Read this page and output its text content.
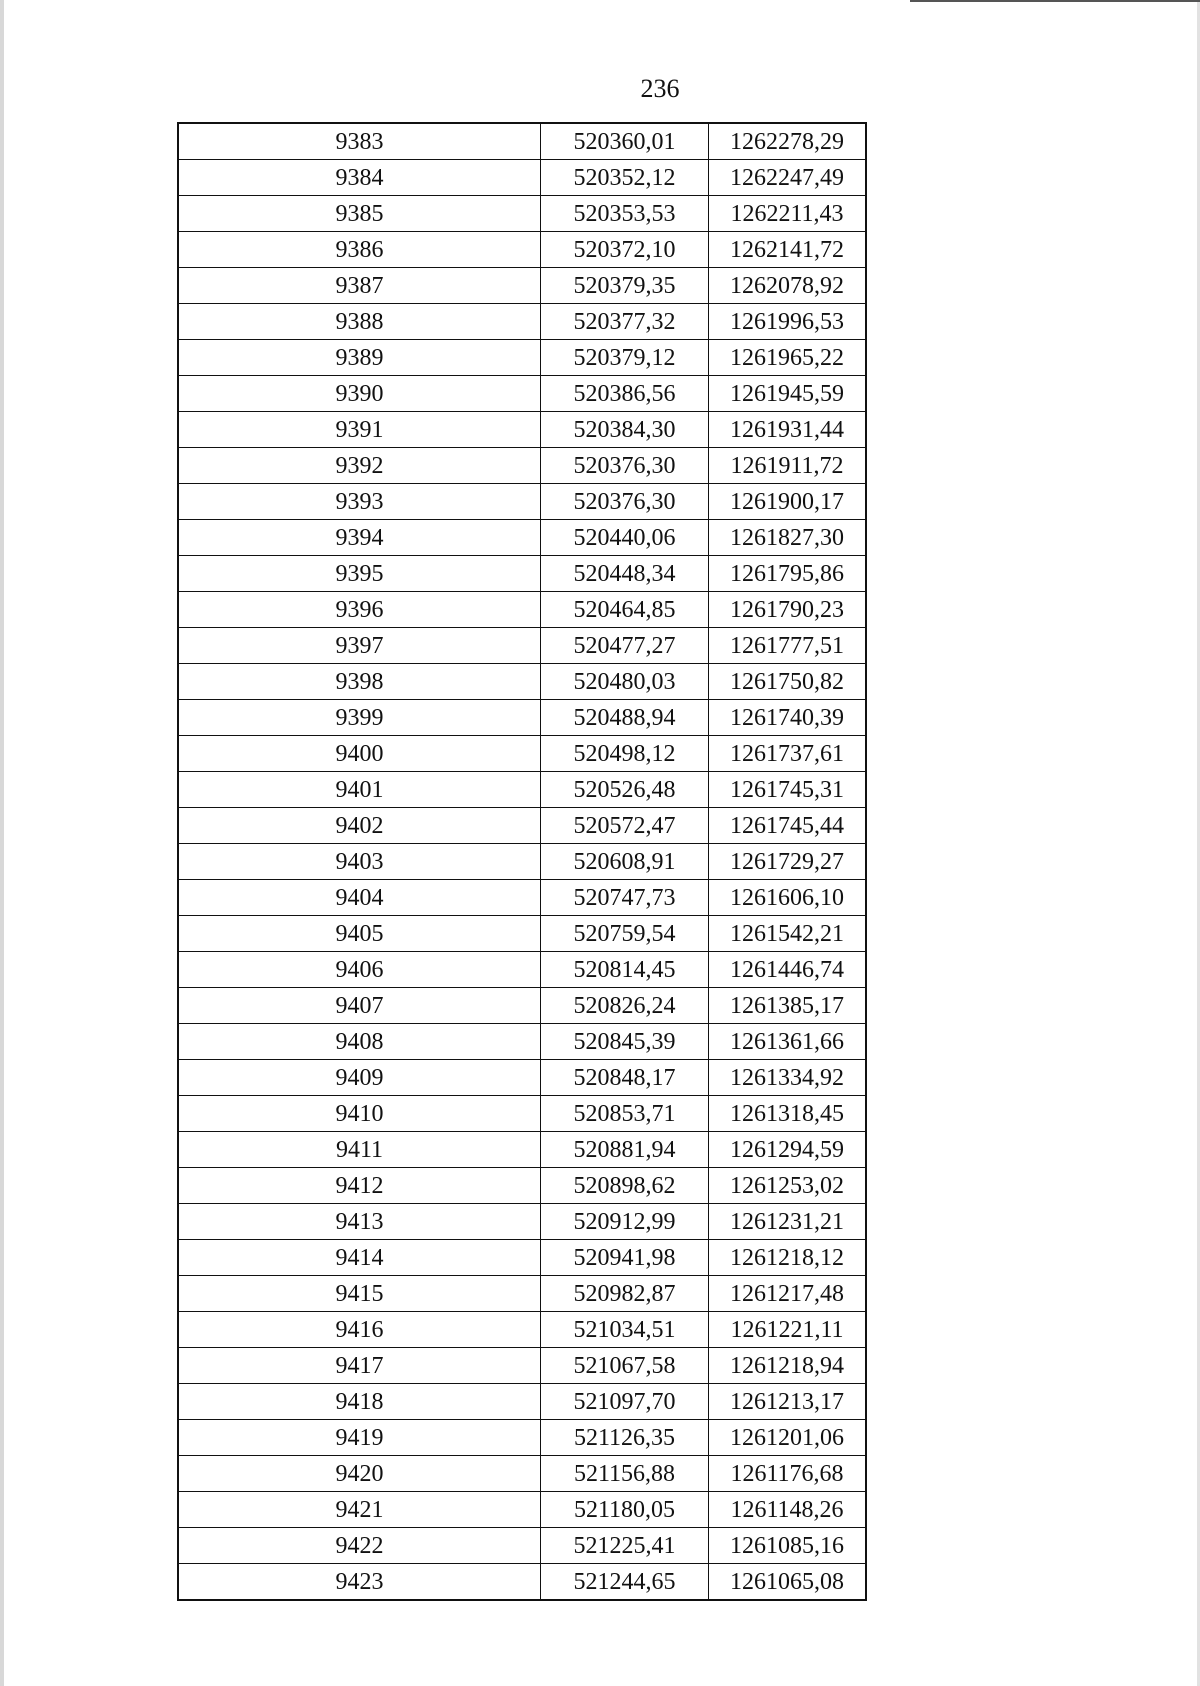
236
9383	520360,01	1262278,29
9384	520352,12	1262247,49
9385	520353,53	1262211,43
9386	520372,10	1262141,72
9387	520379,35	1262078,92
9388	520377,32	1261996,53
9389	520379,12	1261965,22
9390	520386,56	1261945,59
9391	520384,30	1261931,44
9392	520376,30	1261911,72
9393	520376,30	1261900,17
9394	520440,06	1261827,30
9395	520448,34	1261795,86
9396	520464,85	1261790,23
9397	520477,27	1261777,51
9398	520480,03	1261750,82
9399	520488,94	1261740,39
9400	520498,12	1261737,61
9401	520526,48	1261745,31
9402	520572,47	1261745,44
9403	520608,91	1261729,27
9404	520747,73	1261606,10
9405	520759,54	1261542,21
9406	520814,45	1261446,74
9407	520826,24	1261385,17
9408	520845,39	1261361,66
9409	520848,17	1261334,92
9410	520853,71	1261318,45
9411	520881,94	1261294,59
9412	520898,62	1261253,02
9413	520912,99	1261231,21
9414	520941,98	1261218,12
9415	520982,87	1261217,48
9416	521034,51	1261221,11
9417	521067,58	1261218,94
9418	521097,70	1261213,17
9419	521126,35	1261201,06
9420	521156,88	1261176,68
9421	521180,05	1261148,26
9422	521225,41	1261085,16
9423	521244,65	1261065,08
